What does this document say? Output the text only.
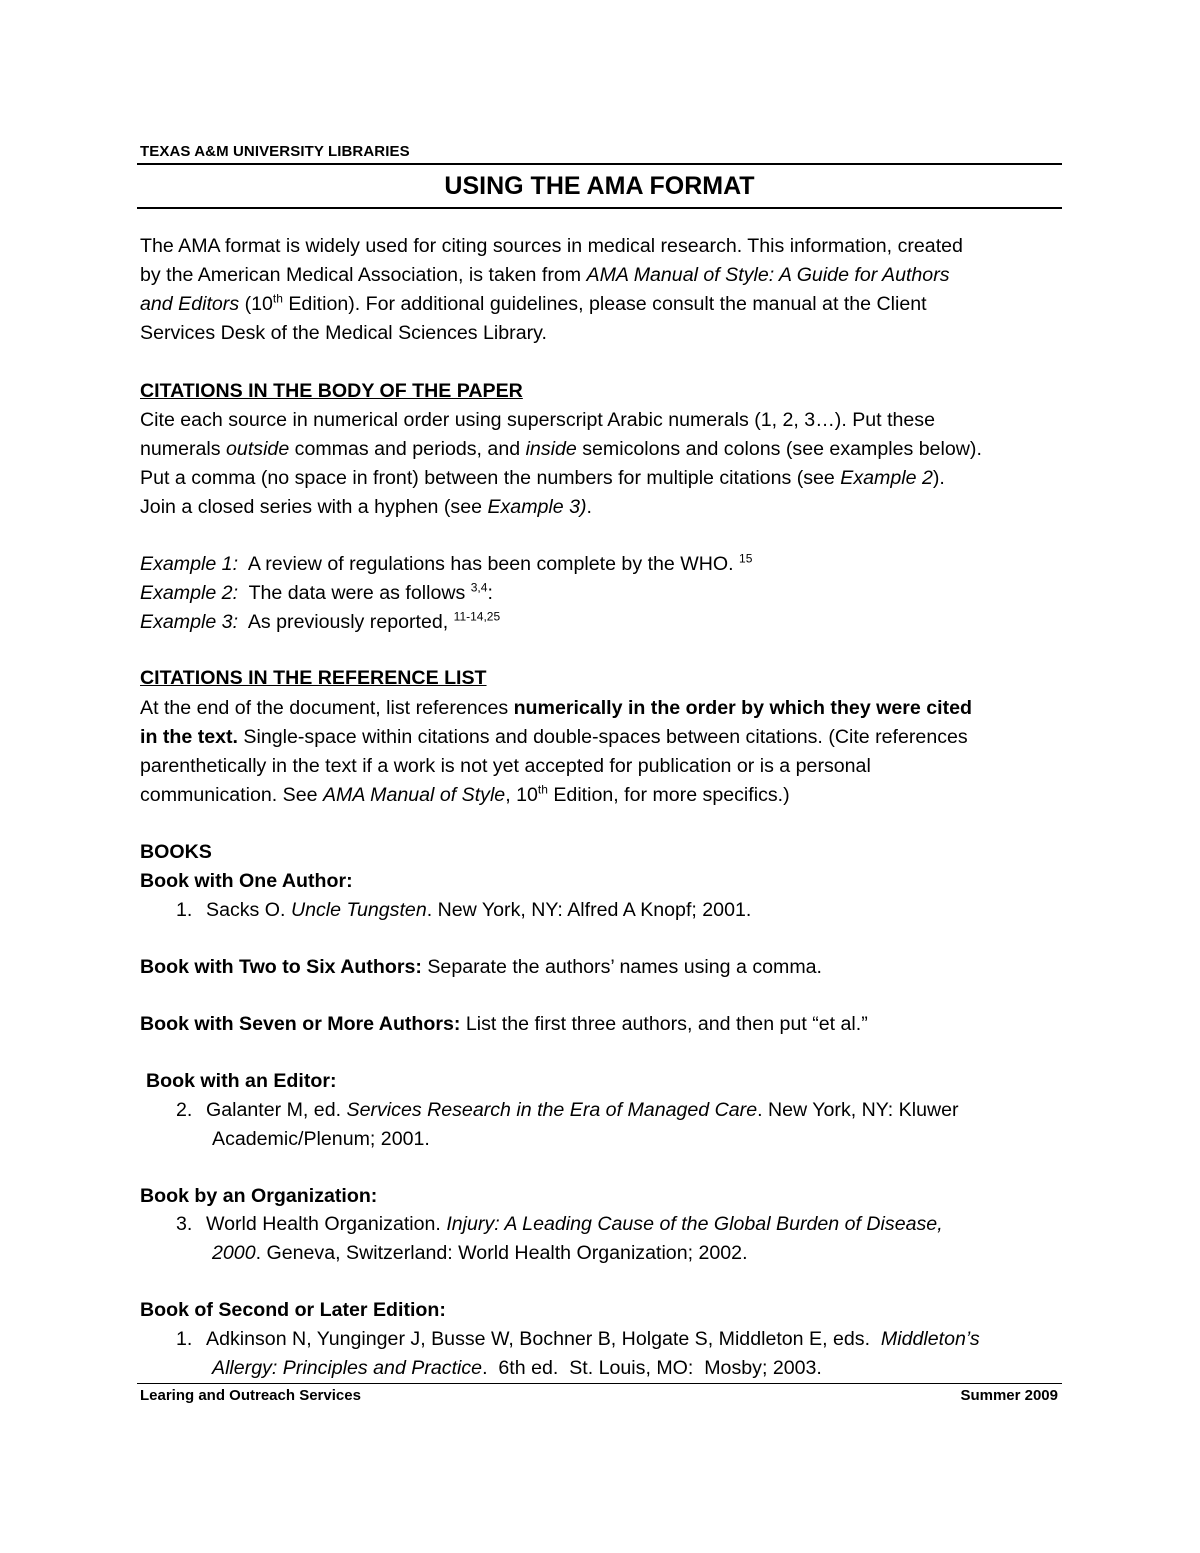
TEXAS A&M UNIVERSITY LIBRARIES
USING THE AMA FORMAT
The AMA format is widely used for citing sources in medical research. This information, created
by the American Medical Association, is taken from AMA Manual of Style: A Guide for Authors
and Editors (10th Edition). For additional guidelines, please consult the manual at the Client
Services Desk of the Medical Sciences Library.
CITATIONS IN THE BODY OF THE PAPER
Cite each source in numerical order using superscript Arabic numerals (1, 2, 3…). Put these
numerals outside commas and periods, and inside semicolons and colons (see examples below).
Put a comma (no space in front) between the numbers for multiple citations (see Example 2).
Join a closed series with a hyphen (see Example 3).
Example 1:  A review of regulations has been complete by the WHO. $^{15}$
Example 2:  The data were as follows $^{3,4}$:
Example 3:  As previously reported, $^{11-14,25}$
CITATIONS IN THE REFERENCE LIST
At the end of the document, list references numerically in the order by which they were cited
in the text. Single-space within citations and double-spaces between citations. (Cite references
parenthetically in the text if a work is not yet accepted for publication or is a personal
communication. See AMA Manual of Style, 10th Edition, for more specifics.)
BOOKS
Book with One Author:
1. Sacks O. Uncle Tungsten. New York, NY: Alfred A Knopf; 2001.
Book with Two to Six Authors: Separate the authors’ names using a comma.
Book with Seven or More Authors: List the first three authors, and then put “et al.”
Book with an Editor:
2. Galanter M, ed. Services Research in the Era of Managed Care. New York, NY: Kluwer
Academic/Plenum; 2001.
Book by an Organization:
3. World Health Organization. Injury: A Leading Cause of the Global Burden of Disease,
2000. Geneva, Switzerland: World Health Organization; 2002.
Book of Second or Later Edition:
1. Adkinson N, Yunginger J, Busse W, Bochner B, Holgate S, Middleton E, eds.  Middleton’s
Allergy: Principles and Practice.  6th ed.  St. Louis, MO:  Mosby; 2003.
Learing and Outreach Services	Summer 2009
